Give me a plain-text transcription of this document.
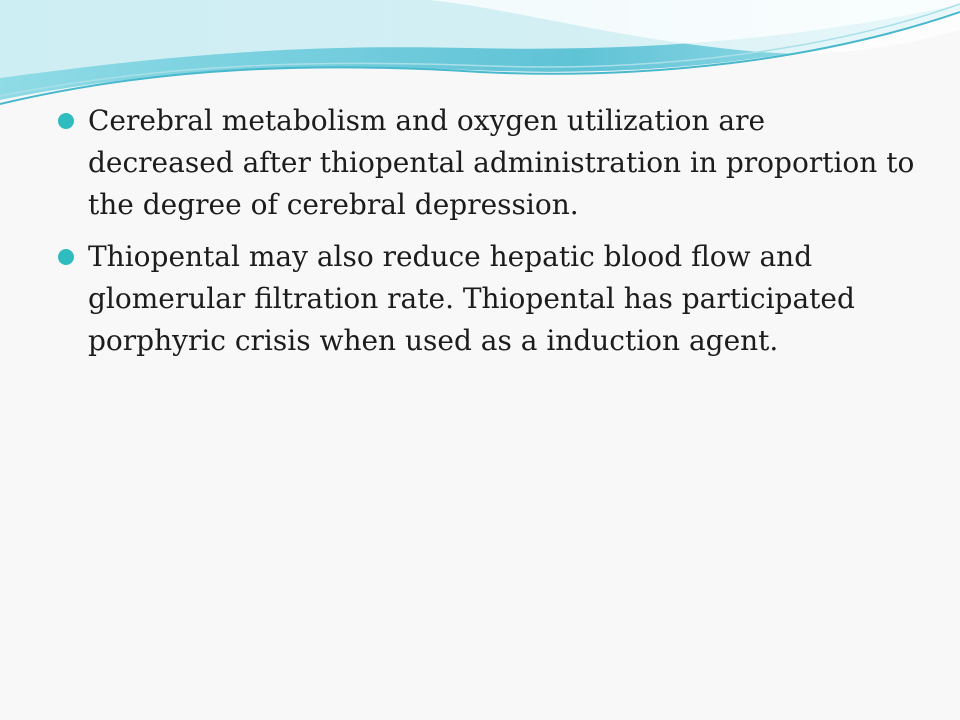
Cerebral metabolism and oxygen utilization are decreased after thiopental administration in proportion to the degree of cerebral depression.
Thiopental may also reduce hepatic blood flow and glomerular filtration rate. Thiopental has participated porphyric crisis when used as a induction agent.
